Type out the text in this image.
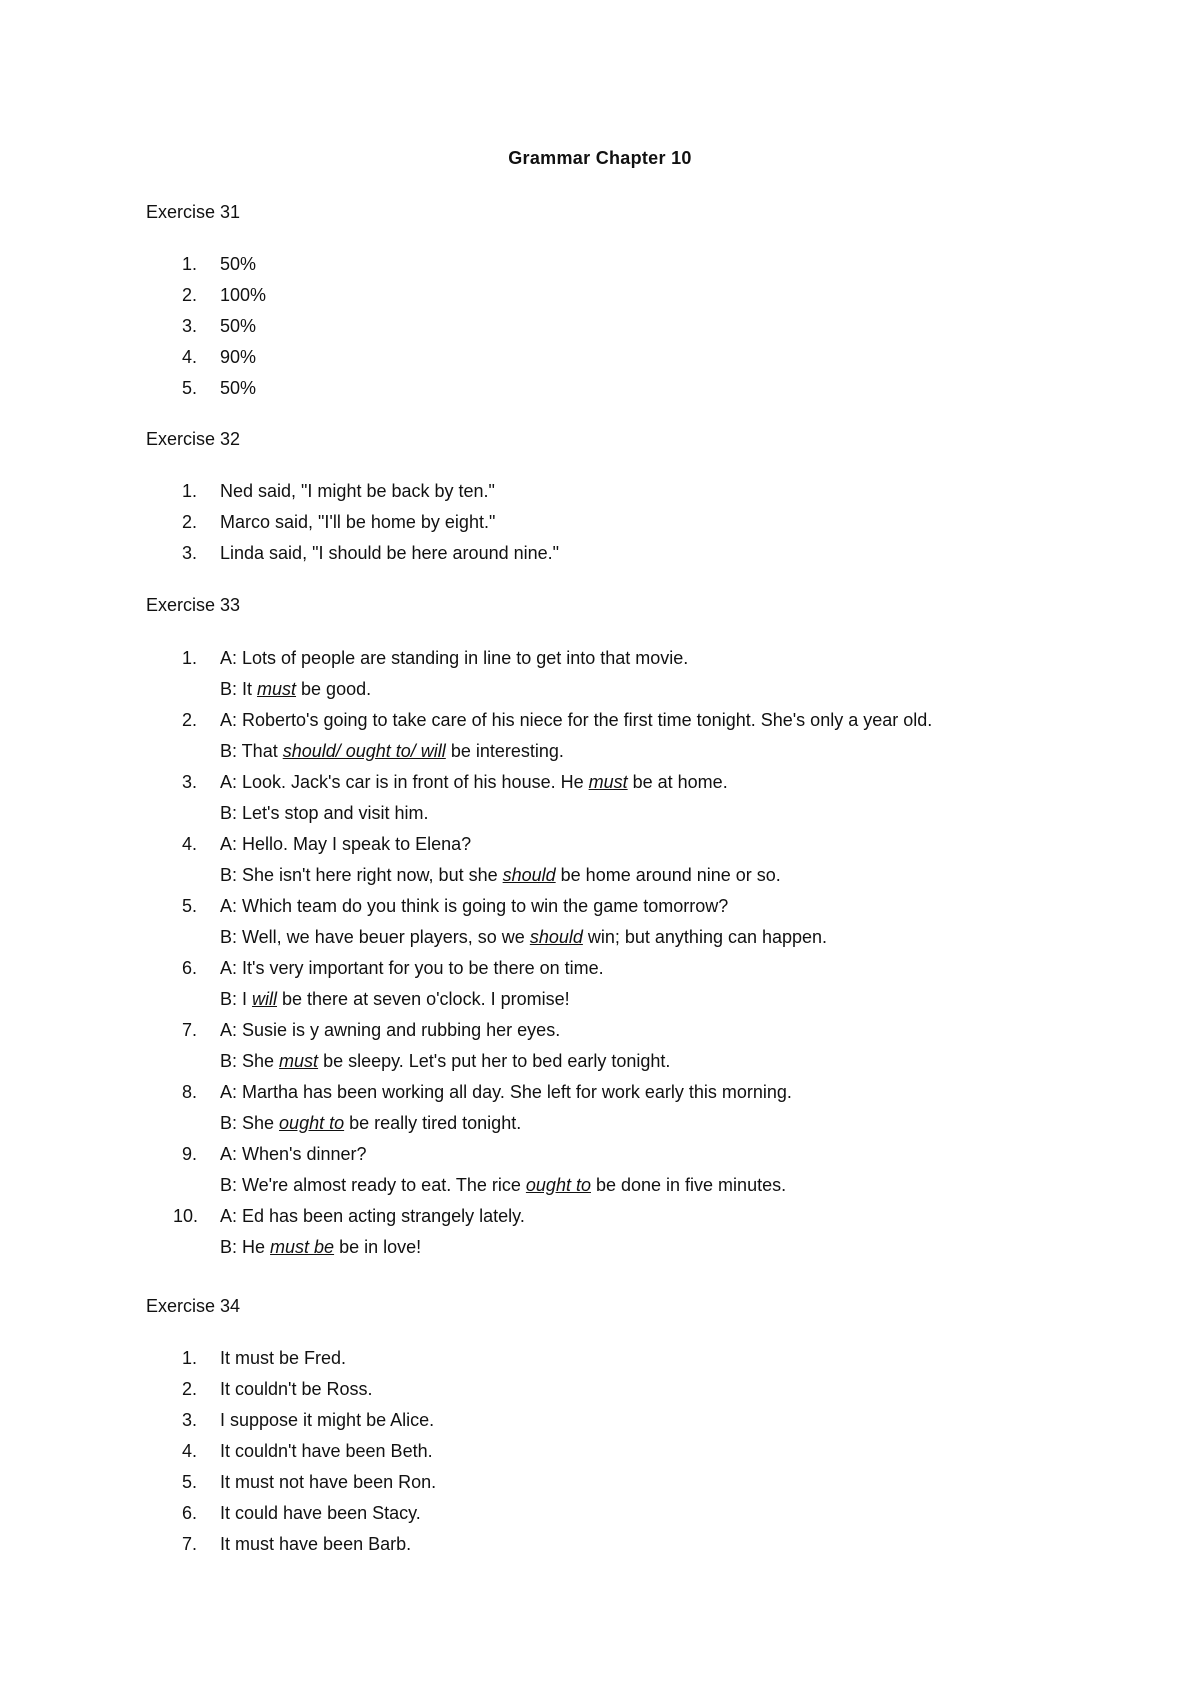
Grammar Chapter 10
Exercise 31
1.	50%
2.	100%
3.	50%
4.	90%
5.	50%
Exercise 32
1.	Ned said, "I might be back by ten."
2.	Marco said, "I'll be home by eight."
3.	Linda said, "I should be here around nine."
Exercise 33
1.	A: Lots of people are standing in line to get into that movie.
B: It must be good.
2.	A: Roberto's going to take care of his niece for the first time tonight. She's only a year old.
B: That should/ ought to/ will be interesting.
3.	A: Look. Jack's car is in front of his house. He must be at home.
B: Let's stop and visit him.
4.	A: Hello. May I speak to Elena?
B: She isn't here right now, but she should be home around nine or so.
5.	A: Which team do you think is going to win the game tomorrow?
B: Well, we have beuer players, so we should win; but anything can happen.
6.	A: It's very important for you to be there on time.
B: I will be there at seven o'clock. I promise!
7.	A: Susie is y awning and rubbing her eyes.
B: She must be sleepy. Let's put her to bed early tonight.
8.	A: Martha has been working all day. She left for work early this morning.
B: She ought to be really tired tonight.
9.	A: When's dinner?
B: We're almost ready to eat. The rice ought to be done in five minutes.
10.	A: Ed has been acting strangely lately.
B: He must be be in love!
Exercise 34
1.	It must be Fred.
2.	It couldn't be Ross.
3.	I suppose it might be Alice.
4.	It couldn't have been Beth.
5.	It must not have been Ron.
6.	It could have been Stacy.
7.	It must have been Barb.
